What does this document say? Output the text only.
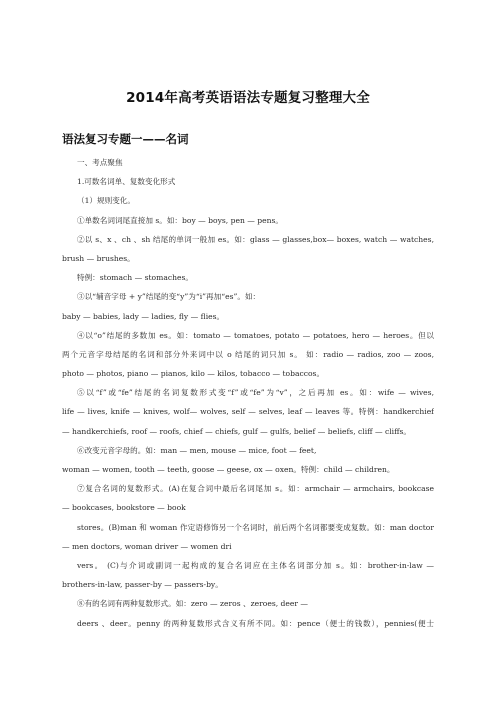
2014年高考英语语法专题复习整理大全
语法复习专题一——名词
一、考点聚焦
1.可数名词单、复数变化形式
（1）规则变化。
①单数名词词尾直接加 s。如：boy — boys, pen — pens。
②以 s、x 、ch 、sh 结尾的单词一般加 es。如：glass — glasses,box— boxes, watch — watches,
brush — brushes。
特例：stomach — stomaches。
③以“辅音字母 + y”结尾的变“y”为“i”再加“es”。如：
baby — babies, lady — ladies, fly — flies。
④以“o”结尾的多数加 es。如：tomato — tomatoes, potato — potatoes, hero — heroes。但以
两个元音字母结尾的名词和部分外来词中以 o 结尾的词只加 s。 如：radio — radios, zoo — zoos,
photo — photos, piano — pianos, kilo — kilos, tobacco — tobaccos。
⑤以“f”或“fe”结尾的名词复数形式变“f”或“fe”为“v”，之后再加 es。如：wife — wives,
life — lives, knife — knives, wolf— wolves, self — selves, leaf — leaves 等。特例：handkerchief
— handkerchiefs, roof — roofs, chief — chiefs, gulf — gulfs, belief — beliefs, cliff — cliffs。
⑥改变元音字母的。如：man — men, mouse — mice, foot — feet,
woman — women, tooth — teeth, goose — geese, ox — oxen。特例：child — children。
⑦复合名词的复数形式。(A)在复合词中最后名词尾加 s。如：armchair — armchairs, bookcase
— bookcases, bookstore — book
stores。(B)man 和 woman 作定语修饰另一个名词时，前后两个名词都要变成复数。如：man doctor
— men doctors, woman driver — women dri
vers。 (C)与介词或副词一起构成的复合名词应在主体名词部分加 s。如：brother-in-law —
brothers-in-law, passer-by — passers-by。
⑧有的名词有两种复数形式。如：zero — zeros 、zeroes, deer —
deers 、deer。penny 的两种复数形式含义有所不同。如：pence（便士的钱数），pennies(便士
